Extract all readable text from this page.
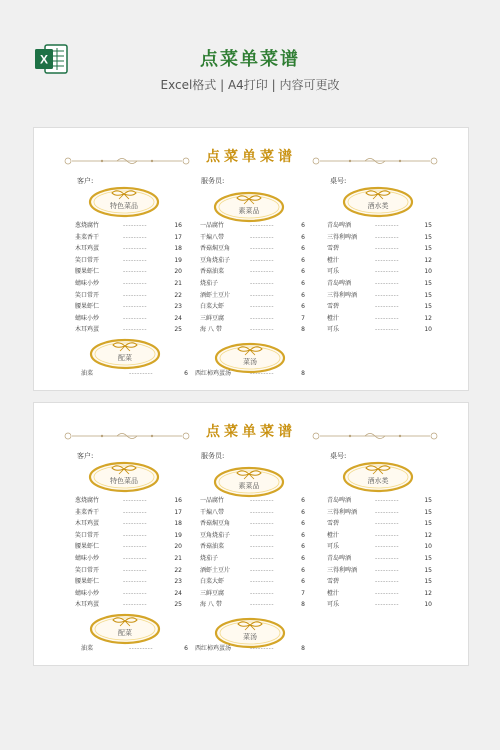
X	点菜单菜谱
Excel格式 | A4打印 | 内容可更改
点菜单菜谱
客户:	服务员:	桌号:
特色菜品
素菜品
酒水类
葱烧腐竹	---------	16
韭菜香干	---------	17
木耳鸡蛋	---------	18
笑口常开	---------	19
腰果虾仁	---------	20
蜻味小炒	---------	21
笑口常开	---------	22
腰果虾仁	---------	23
蜻味小炒	---------	24
木耳鸡蛋	---------	25
一品腐竹	---------	6
干煸八带	---------	6
香菇焖豆角	---------	6
豆角烧茄子	---------	6
香菇油菜	---------	6
烧茄子	---------	6
酒虾土豆片	---------	6
白菜大虾	---------	6
三鲜豆腐	---------	7
海 八 带	---------	8
青岛啤酒	---------	15
三得利啤酒	---------	15
雪碧	---------	15
橙汁	---------	12
可乐	---------	10
青岛啤酒	---------	15
三得利啤酒	---------	15
雪碧	---------	15
橙汁	---------	12
可乐	---------	10
配菜	菜汤
油菜	---------	6 西红柿鸡蛋汤	---------	8
点菜单菜谱
客户:	服务员:	桌号:
特色菜品
素菜品
酒水类
葱烧腐竹	---------	16
韭菜香干	---------	17
木耳鸡蛋	---------	18
笑口常开	---------	19
腰果虾仁	---------	20
蜻味小炒	---------	21
笑口常开	---------	22
腰果虾仁	---------	23
蜻味小炒	---------	24
木耳鸡蛋	---------	25
一品腐竹	---------	6
干煸八带	---------	6
香菇焖豆角	---------	6
豆角烧茄子	---------	6
香菇油菜	---------	6
烧茄子	---------	6
酒虾土豆片	---------	6
白菜大虾	---------	6
三鲜豆腐	---------	7
海 八 带	---------	8
青岛啤酒	---------	15
三得利啤酒	---------	15
雪碧	---------	15
橙汁	---------	12
可乐	---------	10
青岛啤酒	---------	15
三得利啤酒	---------	15
雪碧	---------	15
橙汁	---------	12
可乐	---------	10
配菜	菜汤
油菜	---------	6 西红柿鸡蛋汤	---------	8
